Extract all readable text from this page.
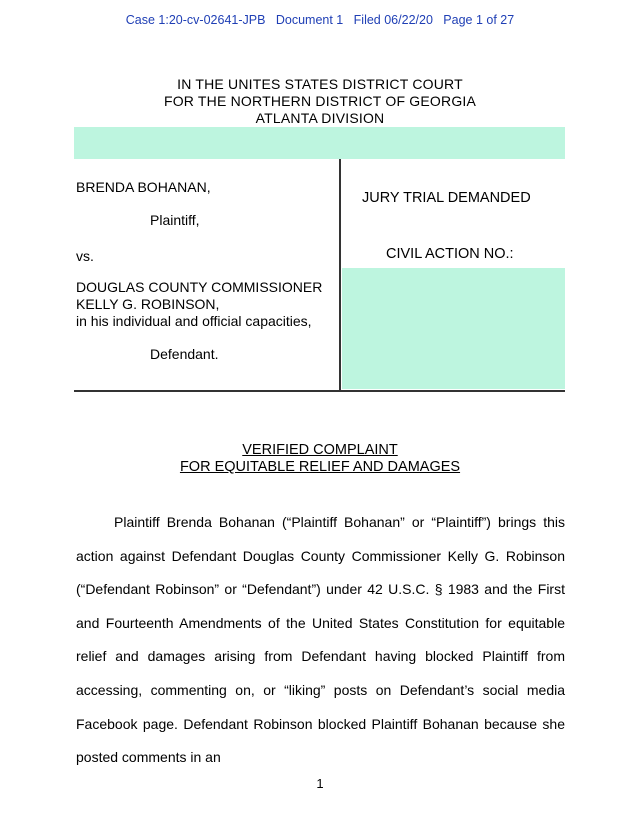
Case 1:20-cv-02641-JPB   Document 1   Filed 06/22/20   Page 1 of 27
IN THE UNITES STATES DISTRICT COURT
FOR THE NORTHERN DISTRICT OF GEORGIA
ATLANTA DIVISION
BRENDA BOHANAN,
Plaintiff,
vs.
DOUGLAS COUNTY COMMISSIONER
KELLY G. ROBINSON,
in his individual and official capacities,
Defendant.
JURY TRIAL DEMANDED
CIVIL ACTION NO.:
VERIFIED COMPLAINT
FOR EQUITABLE RELIEF AND DAMAGES
Plaintiff Brenda Bohanan (“Plaintiff Bohanan” or “Plaintiff”) brings this action against Defendant Douglas County Commissioner Kelly G. Robinson (“Defendant Robinson” or “Defendant”) under 42 U.S.C. § 1983 and the First and Fourteenth Amendments of the United States Constitution for equitable relief and damages arising from Defendant having blocked Plaintiff from accessing, commenting on, or “liking” posts on Defendant’s social media Facebook page. Defendant Robinson blocked Plaintiff Bohanan because she posted comments in an
1
